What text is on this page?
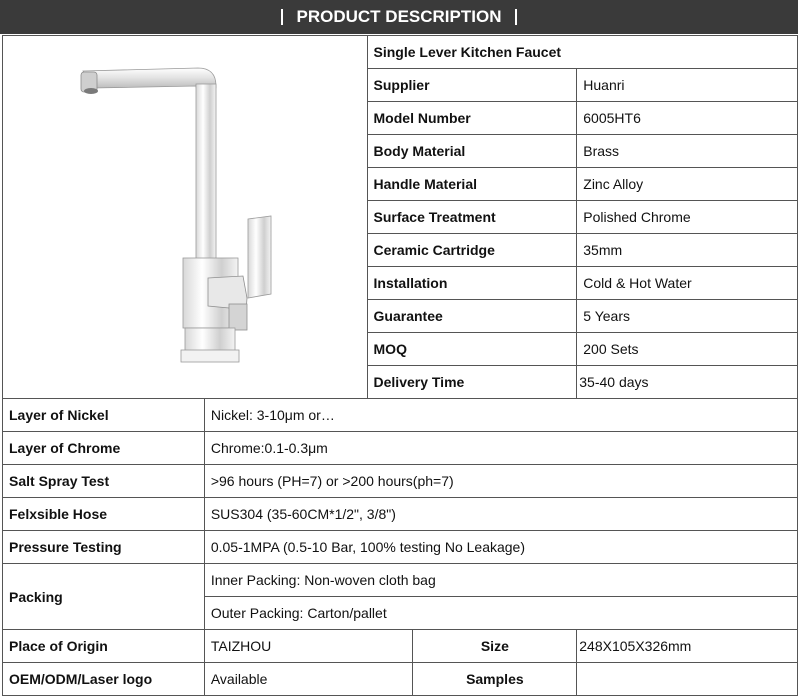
PRODUCT DESCRIPTION
	Single Lever Kitchen Faucet		
		Supplier		Huanri
		Model Number		6005HT6
		Body Material		Brass
		Handle Material		Zinc Alloy
		Surface Treatment		Polished Chrome
		Ceramic Cartridge		35mm
		Installation		Cold & Hot Water
		Guarantee		5 Years
		MOQ		200 Sets
		Delivery Time		35-40 days
Layer of Nickel	Nickel: 3-10μm or…			
Layer of Chrome	Chrome:0.1-0.3μm			
Salt Spray Test	>96 hours (PH=7) or >200 hours(ph=7)			
Felxsible Hose	SUS304 (35-60CM*1/2", 3/8")			
Pressure Testing	0.05-1MPA (0.5-10 Bar, 100% testing No Leakage)			
Packing	Inner Packing: Non-woven cloth bag			
	Outer Packing: Carton/pallet			
Place of Origin	TAIZHOU		Size	248X105X326mm
OEM/ODM/Laser logo	Available		Samples	
